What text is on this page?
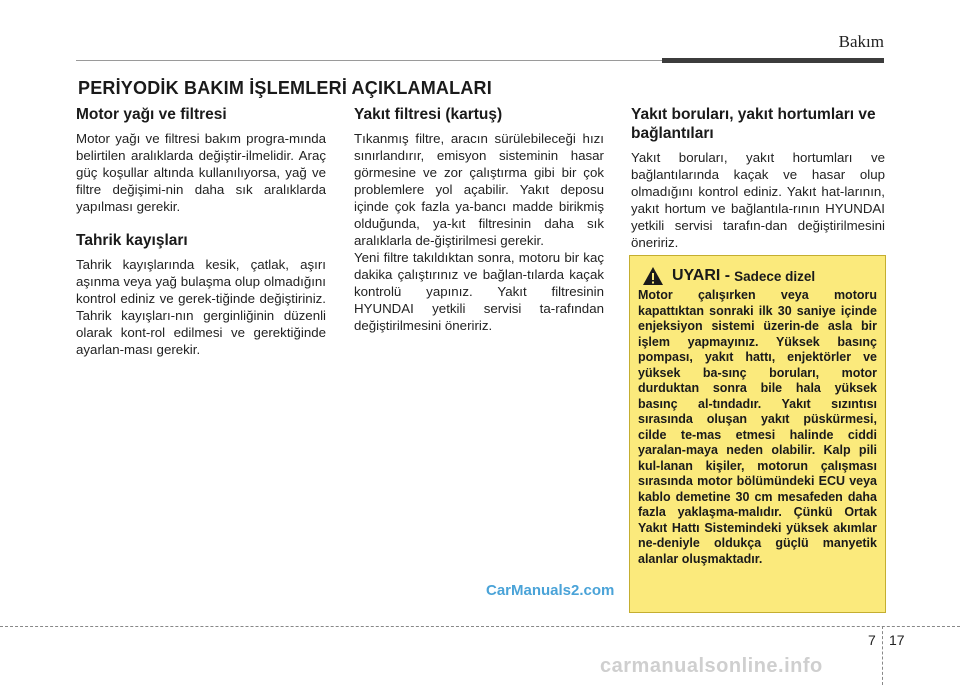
Bakım
PERİYODİK BAKIM İŞLEMLERİ AÇIKLAMALARI
Motor yağı ve filtresi

Motor yağı ve filtresi bakım progra-mında belirtilen aralıklarda değiştir-ilmelidir. Araç güç koşullar altında kullanılıyorsa, yağ ve filtre değişimi-nin daha sık aralıklarda yapılması gerekir.

Tahrik kayışları

Tahrik kayışlarında kesik, çatlak, aşırı aşınma veya yağ bulaşma olup olmadığını kontrol ediniz ve gerek-tiğinde değiştiriniz. Tahrik kayışları-nın gerginliğinin düzenli olarak kont-rol edilmesi ve gerektiğinde ayarlan-ması gerekir.

Yakıt filtresi (kartuş)

Tıkanmış filtre, aracın sürülebileceği hızı sınırlandırır, emisyon sisteminin hasar görmesine ve zor çalıştırma gibi bir çok problemlere yol açabilir. Yakıt deposu içinde çok fazla ya-bancı madde birikmiş olduğunda, ya-kıt filtresinin daha sık aralıklarla de-ğiştirilmesi gerekir.

Yeni filtre takıldıktan sonra, motoru bir kaç dakika çalıştırınız ve bağlan-tılarda kaçak kontrolü yapınız. Yakıt filtresinin HYUNDAI yetkili servisi ta-rafından değiştirilmesini öneririz.

Yakıt boruları, yakıt hortumları ve bağlantıları

Yakıt boruları, yakıt hortumları ve bağlantılarında kaçak ve hasar olup olmadığını kontrol ediniz. Yakıt hat-larının, yakıt hortum ve bağlantıla-rının HYUNDAI yetkili servisi tarafın-dan değiştirilmesini öneririz.

UYARI - Sadece dizel

Motor çalışırken veya motoru kapattıktan sonraki ilk 30 saniye içinde enjeksiyon sistemi üzerin-de asla bir işlem yapmayınız. Yüksek basınç pompası, yakıt hattı, enjektörler ve yüksek ba-sınç boruları, motor durduktan sonra bile hala yüksek basınç al-tındadır. Yakıt sızıntısı sırasında oluşan yakıt püskürmesi, cilde te-mas etmesi halinde ciddi yaralan-maya neden olabilir. Kalp pili kul-lanan kişiler, motorun çalışması sırasında motor bölümündeki ECU veya kablo demetine 30 cm mesafeden daha fazla yaklaşma-malıdır. Çünkü Ortak Yakıt Hattı Sistemindeki yüksek akımlar ne-deniyle oldukça güçlü manyetik alanlar oluşmaktadır.

CarManuals2.com
7 17
carmanualsonline.info
